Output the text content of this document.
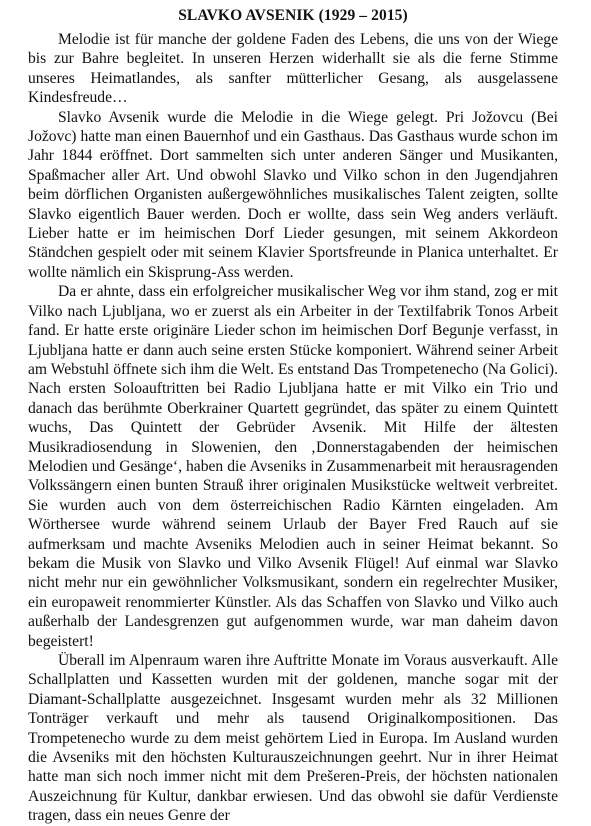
SLAVKO AVSENIK (1929 – 2015)

Melodie ist für manche der goldene Faden des Lebens, die uns von der Wiege bis zur Bahre begleitet. In unseren Herzen widerhallt sie als die ferne Stimme unseres Heimatlandes, als sanfter mütterlicher Gesang, als ausgelassene Kindesfreude…

Slavko Avsenik wurde die Melodie in die Wiege gelegt. Pri Jožovcu (Bei Jožovc) hatte man einen Bauernhof und ein Gasthaus. Das Gasthaus wurde schon im Jahr 1844 eröffnet. Dort sammelten sich unter anderen Sänger und Musikanten, Spaßmacher aller Art. Und obwohl Slavko und Vilko schon in den Jugendjahren beim dörflichen Organisten außergewöhnliches musikalisches Talent zeigten, sollte Slavko eigentlich Bauer werden. Doch er wollte, dass sein Weg anders verläuft. Lieber hatte er im heimischen Dorf Lieder gesungen, mit seinem Akkordeon Ständchen gespielt oder mit seinem Klavier Sportsfreunde in Planica unterhaltet. Er wollte nämlich ein Skisprung-Ass werden.

Da er ahnte, dass ein erfolgreicher musikalischer Weg vor ihm stand, zog er mit Vilko nach Ljubljana, wo er zuerst als ein Arbeiter in der Textilfabrik Tonos Arbeit fand. Er hatte erste originäre Lieder schon im heimischen Dorf Begunje verfasst, in Ljubljana hatte er dann auch seine ersten Stücke komponiert. Während seiner Arbeit am Webstuhl öffnete sich ihm die Welt. Es entstand Das Trompetenecho (Na Golici). Nach ersten Soloauftritten bei Radio Ljubljana hatte er mit Vilko ein Trio und danach das berühmte Oberkrainer Quartett gegründet, das später zu einem Quintett wuchs, Das Quintett der Gebrüder Avsenik. Mit Hilfe der ältesten Musikradiosendung in Slowenien, den ‚Donnerstagabenden der heimischen Melodien und Gesänge‘, haben die Avseniks in Zusammenarbeit mit herausragenden Volkssängern einen bunten Strauß ihrer originalen Musikstücke weltweit verbreitet. Sie wurden auch von dem österreichischen Radio Kärnten eingeladen. Am Wörthersee wurde während seinem Urlaub der Bayer Fred Rauch auf sie aufmerksam und machte Avseniks Melodien auch in seiner Heimat bekannt. So bekam die Musik von Slavko und Vilko Avsenik Flügel! Auf einmal war Slavko nicht mehr nur ein gewöhnlicher Volksmusikant, sondern ein regelrechter Musiker, ein europaweit renommierter Künstler. Als das Schaffen von Slavko und Vilko auch außerhalb der Landesgrenzen gut aufgenommen wurde, war man daheim davon begeistert!

Überall im Alpenraum waren ihre Auftritte Monate im Voraus ausverkauft. Alle Schallplatten und Kassetten wurden mit der goldenen, manche sogar mit der Diamant-Schallplatte ausgezeichnet. Insgesamt wurden mehr als 32 Millionen Tonträger verkauft und mehr als tausend Originalkompositionen. Das Trompetenecho wurde zu dem meist gehörtem Lied in Europa. Im Ausland wurden die Avseniks mit den höchsten Kulturauszeichnungen geehrt. Nur in ihrer Heimat hatte man sich noch immer nicht mit dem Prešeren-Preis, der höchsten nationalen Auszeichnung für Kultur, dankbar erwiesen. Und das obwohl sie dafür Verdienste tragen, dass ein neues Genre der
